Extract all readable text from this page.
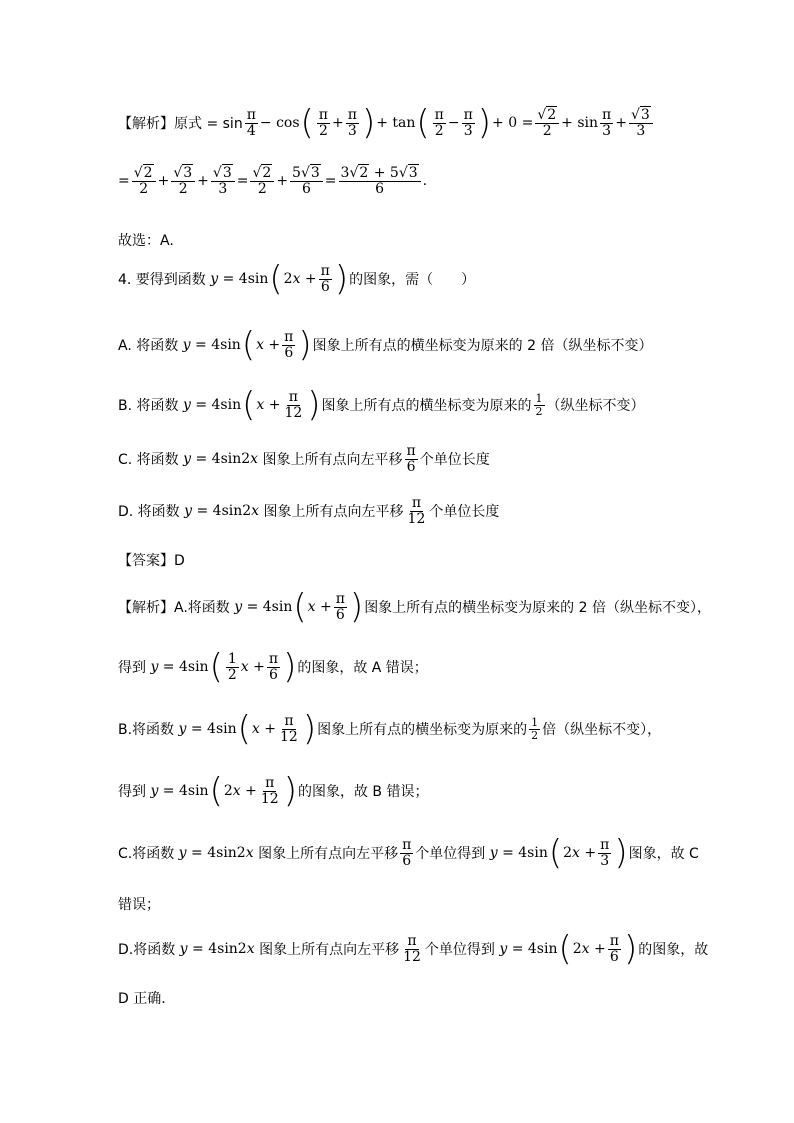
【解析】原式 = $\sin \frac{\pi}{4} - \cos$ ( $\frac{\pi}{2} + \frac{\pi}{3}$ ) + tan ( $\frac{\pi}{2} - \frac{\pi}{3}$ ) + $0 = \frac{√2}{2} + \sin \frac{\pi}{3} + \frac{√3}{3}$
= $\frac{√2}{2} + \frac{√3}{2} + \frac{√3}{3} = \frac{√2}{2} + \frac{5√3}{6} = \frac{3√2 + 5√3}{6}$ .
故选：A.
4. 要得到函数 y = 4sin ( $2x + \frac{\pi}{6}$ ) 的图象，需（　　）
A. 将函数 y = 4sin ( $x + \frac{\pi}{6}$ ) 图象上所有点的横坐标变为原来的 2 倍（纵坐标不变）
B. 将函数 y = 4sin ( $x + \frac{\pi}{12}$ ) 图象上所有点的横坐标变为原来的 $\frac{1}{2}$ （纵坐标不变）
C. 将函数 y = 4sin2x 图象上所有点向左平移 $\frac{\pi}{6}$ 个单位长度
D. 将函数 y = 4sin2x 图象上所有点向左平移 $\frac{\pi}{12}$ 个单位长度
【答案】D
【解析】A.将函数 y = 4sin ( $x + \frac{\pi}{6}$ ) 图象上所有点的横坐标变为原来的 2 倍（纵坐标不变），
得到 y = 4sin ( $\frac{1}{2}$ $x + \frac{\pi}{6}$ ) 的图象，故 A 错误；
B.将函数 y = 4sin ( $x + \frac{\pi}{12}$ ) 图象上所有点的横坐标变为原来的 $\frac{1}{2}$ 倍（纵坐标不变），
得到 y = 4sin ( $2x + \frac{\pi}{12}$ ) 的图象，故 B 错误；
C.将函数 y = 4sin2x 图象上所有点向左平移 $\frac{\pi}{6}$ 个单位得到 y = 4sin ( $2x + \frac{\pi}{3}$ ) 图象，故 C
错误；
D.将函数 y = 4sin2x 图象上所有点向左平移 $\frac{\pi}{12}$ 个单位得到 y = 4sin ( $2x + \frac{\pi}{6}$ ) 的图象，故
D 正确.
